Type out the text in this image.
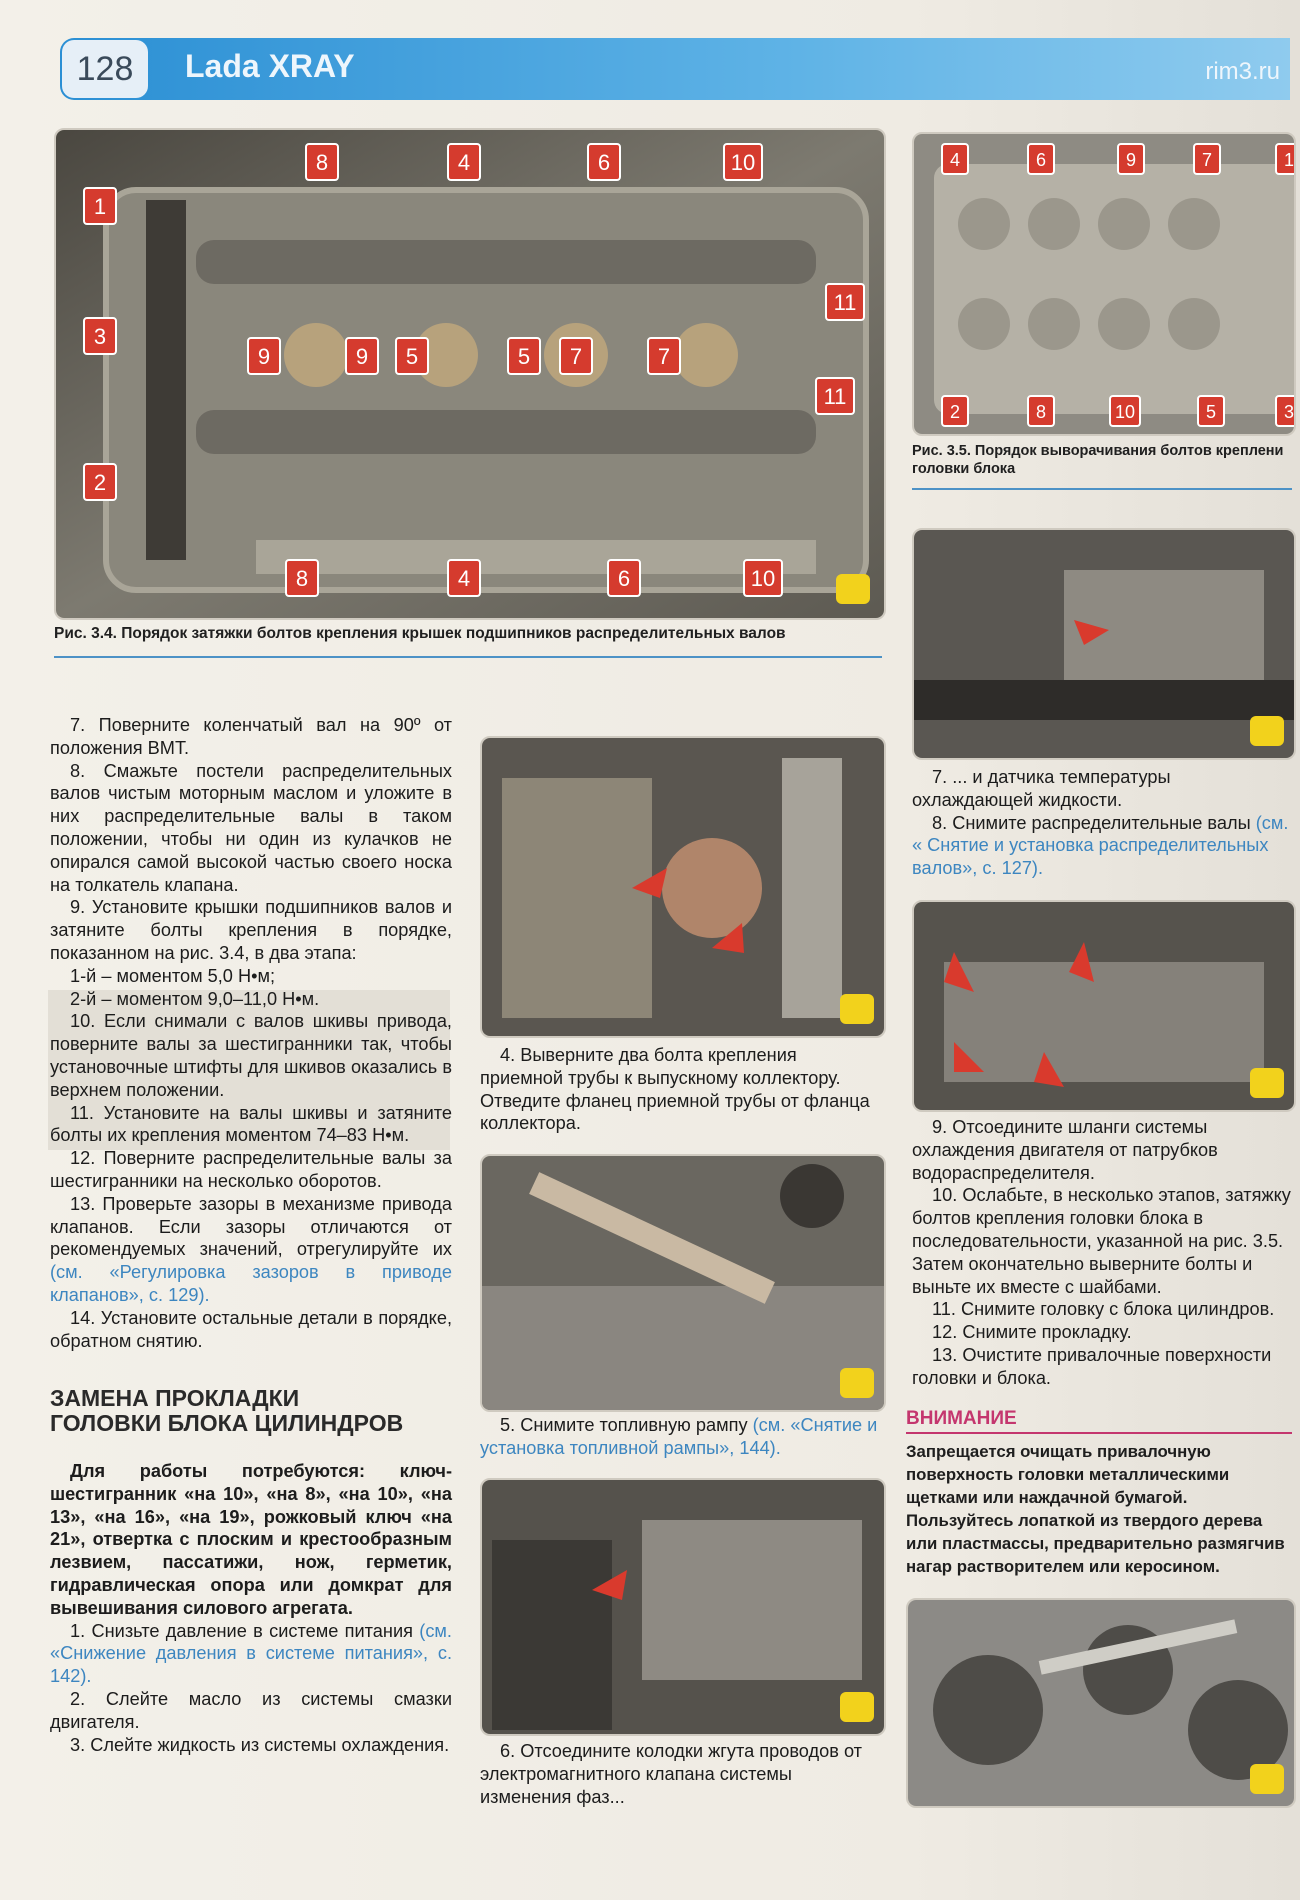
128	Lada XRAY	rim3.ru
8	4	6	10
1
11
3
9	9 5	5 7	7
11
2
8	4	6	10
Рис. 3.4. Порядок затяжки болтов крепления крышек подшипников распределительных валов
4	6	9	7	1
2	8	10	5	3
Рис. 3.5. Порядок выворачивания болтов креплени
головки блока

7. Поверните коленчатый вал на 90º от положения ВМТ.

8. Смажьте постели распределительных валов чистым моторным маслом и уложите в них распределительные валы в таком положении, чтобы ни один из кулачков не опирался самой высокой частью своего носка на толкатель клапана.

9. Установите крышки подшипников валов и затяните болты крепления в порядке, показанном на рис. 3.4, в два этапа:

1-й – моментом 5,0 Н•м;

2-й – моментом 9,0–11,0 Н•м.

10. Если снимали с валов шкивы привода, поверните валы за шестигранники так, чтобы установочные штифты для шкивов оказались в верхнем положении.

11. Установите на валы шкивы и затяните болты их крепления моментом 74–83 Н•м.

12. Поверните распределительные валы за шестигранники на несколько оборотов.

13. Проверьте зазоры в механизме привода клапанов. Если зазоры отличаются от рекомендуемых значений, отрегулируйте их (см. «Регулировка зазоров в приводе клапанов», с. 129).

14. Установите остальные детали в порядке, обратном снятию.

ЗАМЕНА ПРОКЛАДКИ
ГОЛОВКИ БЛОКА ЦИЛИНДРОВ

Для работы потребуются: ключ-шестигранник «на 10», «на 8», «на 10», «на 13», «на 16», «на 19», рожковый ключ «на 21», отвертка с плоским и крестообразным лезвием, пассатижи, нож, герметик, гидравлическая опора или домкрат для вывешивания силового агрегата.

1. Снизьте давление в системе питания (см. «Снижение давления в системе питания», с. 142).

2. Слейте масло из системы смазки двигателя.

3. Слейте жидкость из системы охлаждения.

4. Выверните два болта крепления приемной трубы к выпускному коллектору. Отведите фланец приемной трубы от фланца коллектора.

5. Снимите топливную рампу (см. «Снятие и установка топливной рампы», 144).

6. Отсоедините колодки жгута проводов от электромагнитного клапана системы изменения фаз...

7. ... и датчика температуры охлаждающей жидкости.

8. Снимите распределительные валы (см. « Снятие и установка распределительных валов», с. 127).

9. Отсоедините шланги системы охлаждения двигателя от патрубков водораспределителя.

10. Ослабьте, в несколько этапов, затяжку болтов крепления головки блока в последовательности, указанной на рис. 3.5. Затем окончательно выверните болты и выньте их вместе с шайбами.

11. Снимите головку с блока цилиндров.

12. Снимите прокладку.

13. Очистите привалочные поверхности головки и блока.

ВНИМАНИЕ
Запрещается очищать привалочную поверхность головки металлическими щетками или наждачной бумагой. Пользуйтесь лопаткой из твердого дерева или пластмассы, предварительно размягчив нагар растворителем или керосином.
